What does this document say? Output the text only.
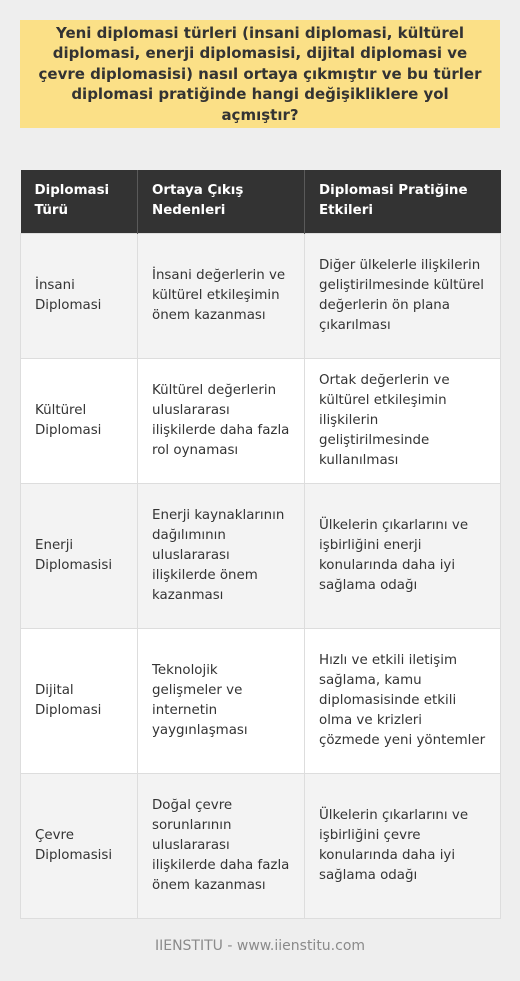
Yeni diplomasi türleri (insani diplomasi, kültürel diplomasi, enerji diplomasisi, dijital diplomasi ve çevre diplomasisi) nasıl ortaya çıkmıştır ve bu türler diplomasi pratiğinde hangi değişikliklere yol açmıştır?

Diplomasi Türü	Ortaya Çıkış Nedenleri	Diplomasi Pratiğine Etkileri
İnsani Diplomasi	İnsani değerlerin ve kültürel etkileşimin önem kazanması	Diğer ülkelerle ilişkilerin geliştirilmesinde kültürel değerlerin ön plana çıkarılması
Kültürel Diplomasi	Kültürel değerlerin uluslararası ilişkilerde daha fazla rol oynaması	Ortak değerlerin ve kültürel etkileşimin ilişkilerin geliştirilmesinde kullanılması
Enerji Diplomasisi	Enerji kaynaklarının dağılımının uluslararası ilişkilerde önem kazanması	Ülkelerin çıkarlarını ve işbirliğini enerji konularında daha iyi sağlama odağı
Dijital Diplomasi	Teknolojik gelişmeler ve internetin yaygınlaşması	Hızlı ve etkili iletişim sağlama, kamu diplomasisinde etkili olma ve krizleri çözmede yeni yöntemler
Çevre Diplomasisi	Doğal çevre sorunlarının uluslararası ilişkilerde daha fazla önem kazanması	Ülkelerin çıkarlarını ve işbirliğini çevre konularında daha iyi sağlama odağı
IIENSTITU - www.iienstitu.com
